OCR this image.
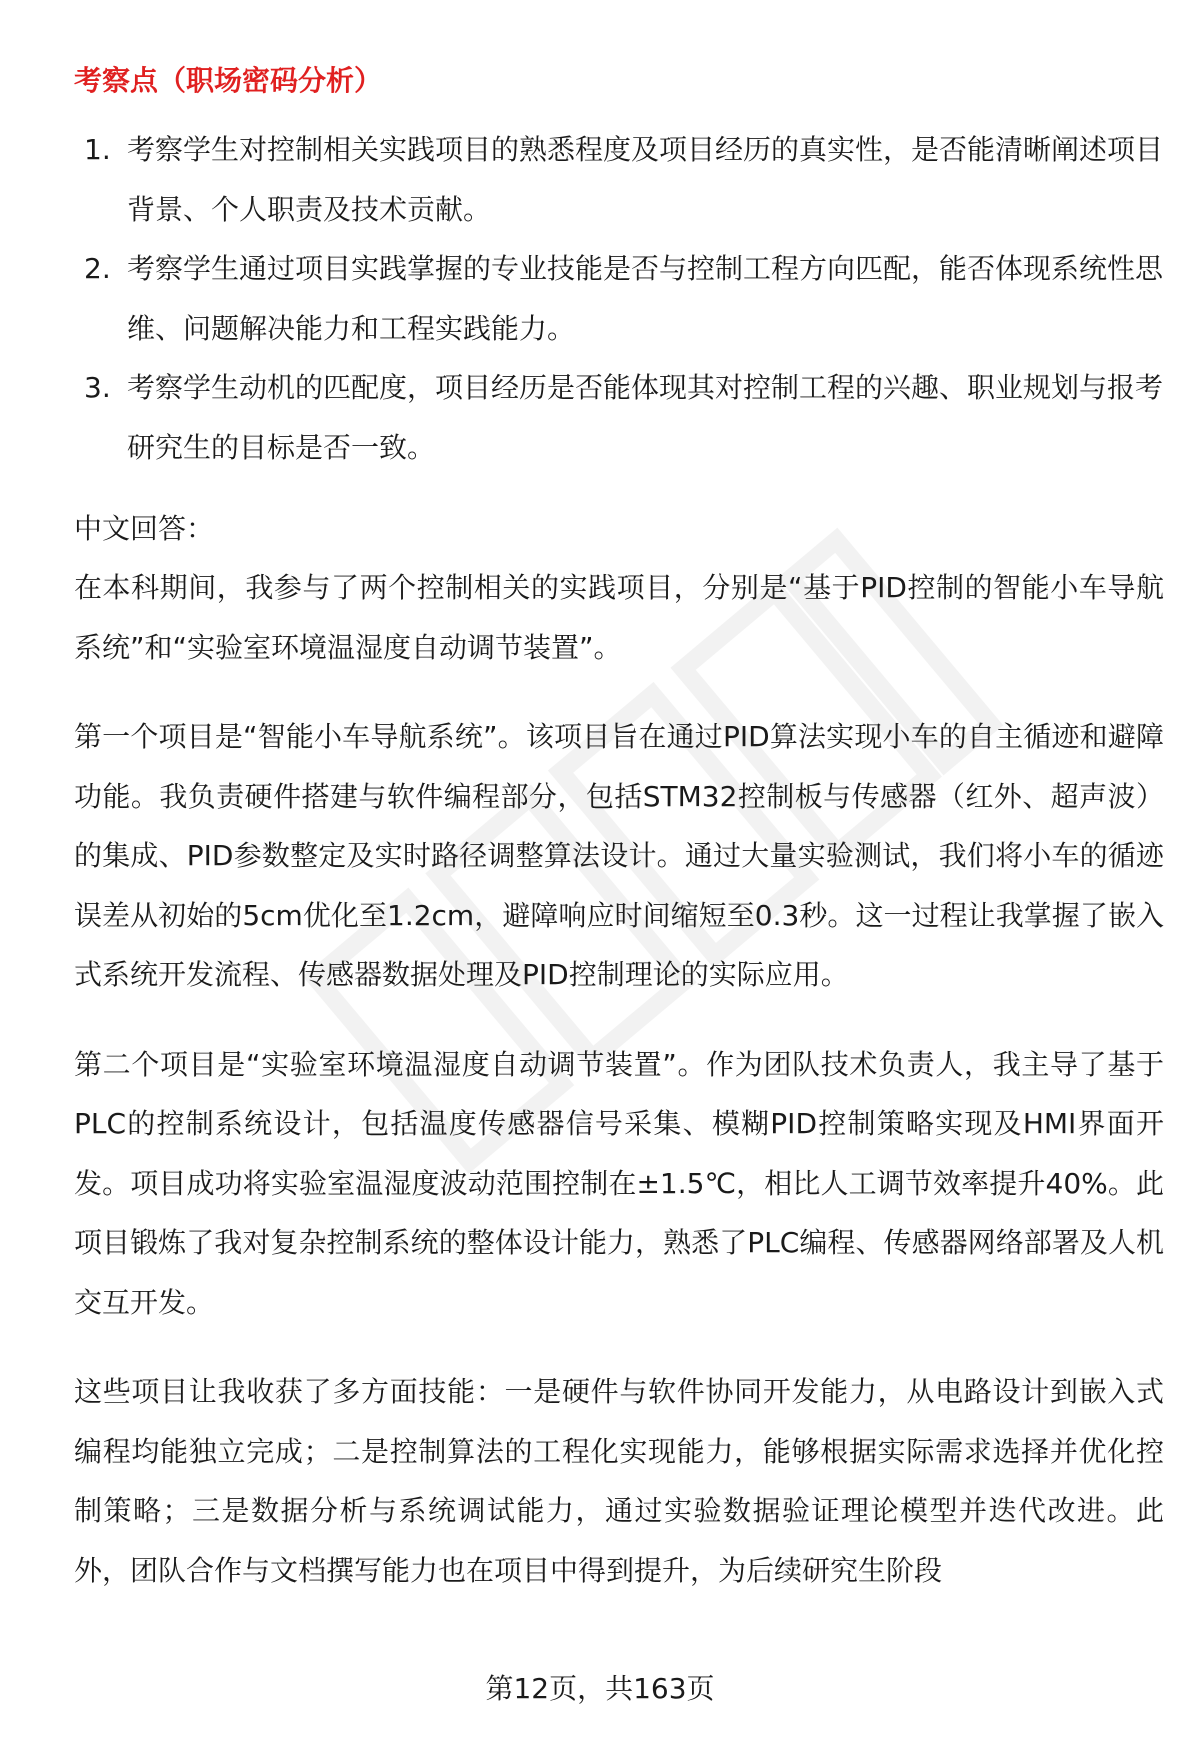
考察点（职场密码分析）
1. 考察学生对控制相关实践项目的熟悉程度及项目经历的真实性，是否能清晰阐述项目背景、个人职责及技术贡献。
2. 考察学生通过项目实践掌握的专业技能是否与控制工程方向匹配，能否体现系统性思维、问题解决能力和工程实践能力。
3. 考察学生动机的匹配度，项目经历是否能体现其对控制工程的兴趣、职业规划与报考研究生的目标是否一致。

中文回答：

在本科期间，我参与了两个控制相关的实践项目，分别是“基于PID控制的智能小车导航系统”和“实验室环境温湿度自动调节装置”。

第一个项目是“智能小车导航系统”。该项目旨在通过PID算法实现小车的自主循迹和避障功能。我负责硬件搭建与软件编程部分，包括STM32控制板与传感器（红外、超声波）的集成、PID参数整定及实时路径调整算法设计。通过大量实验测试，我们将小车的循迹误差从初始的5cm优化至1.2cm，避障响应时间缩短至0.3秒。这一过程让我掌握了嵌入式系统开发流程、传感器数据处理及PID控制理论的实际应用。

第二个项目是“实验室环境温湿度自动调节装置”。作为团队技术负责人，我主导了基于PLC的控制系统设计，包括温度传感器信号采集、模糊PID控制策略实现及HMI界面开发。项目成功将实验室温湿度波动范围控制在±1.5℃，相比人工调节效率提升40%。此项目锻炼了我对复杂控制系统的整体设计能力，熟悉了PLC编程、传感器网络部署及人机交互开发。

这些项目让我收获了多方面技能：一是硬件与软件协同开发能力，从电路设计到嵌入式编程均能独立完成；二是控制算法的工程化实现能力，能够根据实际需求选择并优化控制策略；三是数据分析与系统调试能力，通过实验数据验证理论模型并迭代改进。此外，团队合作与文档撰写能力也在项目中得到提升，为后续研究生阶段

第12页，共163页
